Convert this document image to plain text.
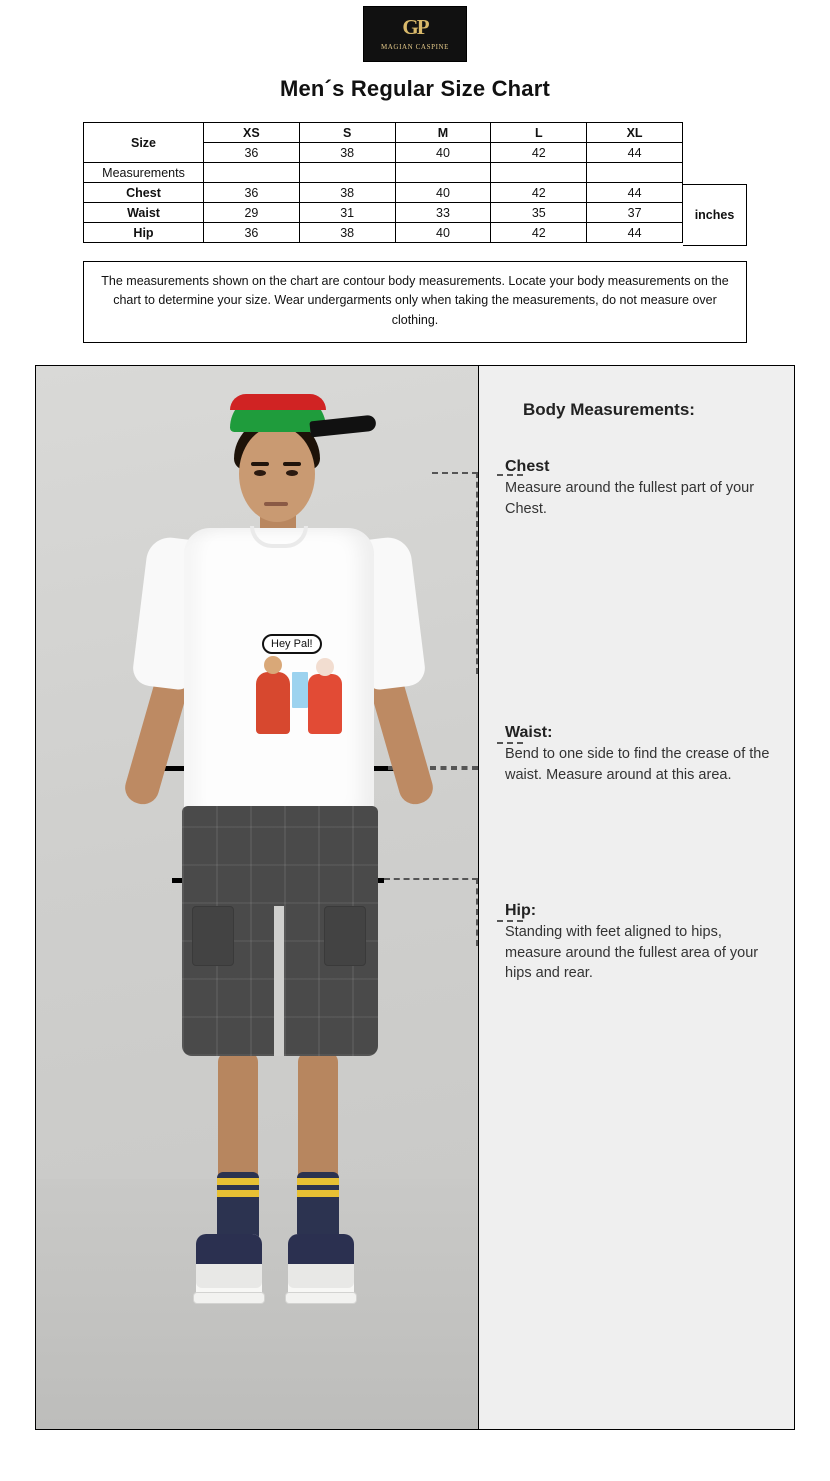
GP
MAGIAN CASPINE
Men´s Regular Size Chart
Size	XS	S	M	L	XL
	36	38	40	42	44
Measurements					
Chest	36	38	40	42	44
Waist	29	31	33	35	37
Hip	36	38	40	42	44
inches
The measurements shown on the chart are contour body measurements. Locate your body measurements on the chart to determine your size. Wear undergarments only when taking the measurements, do not measure over clothing.
Hey Pal!
Body Measurements:
Chest

Measure around the fullest part of your Chest.

Waist:

Bend to one side to find the crease of the waist. Measure around at this area.

Hip:

Standing with feet aligned to hips, measure around the fullest area of your hips and rear.
